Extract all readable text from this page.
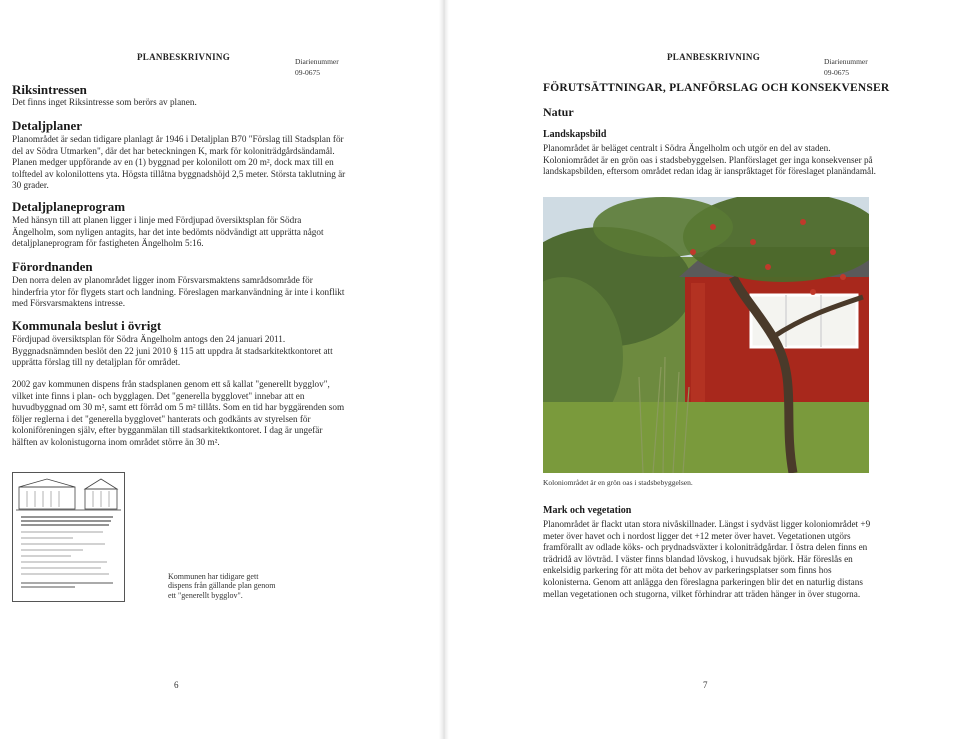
PLANBESKRIVNING	Diarienummer
09-0675
Riksintressen

Det finns inget Riksintresse som berörs av planen.

Detaljplaner

Planområdet är sedan tidigare planlagt år 1946 i Detaljplan B70 "Förslag till Stadsplan för del av Södra Utmarken", där det har beteckningen K, mark för koloniträdgårdsändamål. Planen medger uppförande av en (1) byggnad per kolonilott om 20 m², dock max till en tolftedel av kolonilottens yta. Högsta tillåtna byggnadshöjd 2,5 meter. Största taklutning är 30 grader.

Detaljplaneprogram

Med hänsyn till att planen ligger i linje med Fördjupad översiktsplan för Södra Ängelholm, som nyligen antagits, har det inte bedömts nödvändigt att upprätta något detaljplaneprogram för fastigheten Ängelholm 5:16.

Förordnanden

Den norra delen av planområdet ligger inom Försvarsmaktens samrådsområde för hinderfria ytor för flygets start och landning. Föreslagen markanvändning är inte i konflikt med Försvarsmaktens intresse.

Kommunala beslut i övrigt

Fördjupad översiktsplan för Södra Ängelholm antogs den 24 januari 2011. Byggnadsnämnden beslöt den 22 juni 2010 § 115 att uppdra åt stadsarkitektkontoret att upprätta förslag till ny detaljplan för området.

2002 gav kommunen dispens från stadsplanen genom ett så kallat "generellt bygglov", vilket inte finns i plan- och bygglagen. Det "generella bygglovet" innebar att en huvudbyggnad om 30 m², samt ett förråd om 5 m² tillåts. Som en tid har byggärenden som följer reglerna i det "generella bygglovet" hanterats och godkänts av styrelsen för koloniföreningen själv, efter bygganmälan till stadsarkitektkontoret. I dag är ungefär hälften av kolonistugorna inom området större än 30 m².

Kommunen har tidigare gett dispens från gällande plan genom ett "generellt bygglov".

6
PLANBESKRIVNING	Diarienummer
09-0675
FÖRUTSÄTTNINGAR, PLANFÖRSLAG OCH KONSEKVENSER
Natur
Landskapsbild

Planområdet är beläget centralt i Södra Ängelholm och utgör en del av staden. Koloniområdet är en grön oas i stadsbebyggelsen. Planförslaget ger inga konsekvenser på landskapsbilden, eftersom området redan idag är iansprâktaget för föreslaget planändamål.

Koloniområdet är en grön oas i stadsbebyggelsen.

Mark och vegetation

Planområdet är flackt utan stora nivåskillnader. Längst i sydväst ligger koloniområdet +9 meter över havet och i nordost ligger det +12 meter över havet. Vegetationen utgörs framförallt av odlade köks- och prydnadsväxter i koloniträdgårdar. I östra delen finns en trädridå av lövträd. I väster finns blandad lövskog, i huvudsak björk. Här föreslås en enkelsidig parkering för att möta det behov av parkeringsplatser som finns hos kolonisterna. Genom att anlägga den föreslagna parkeringen blir det en naturlig distans mellan vegetationen och stugorna, vilket förhindrar att träden hänger in över stugorna.

7
